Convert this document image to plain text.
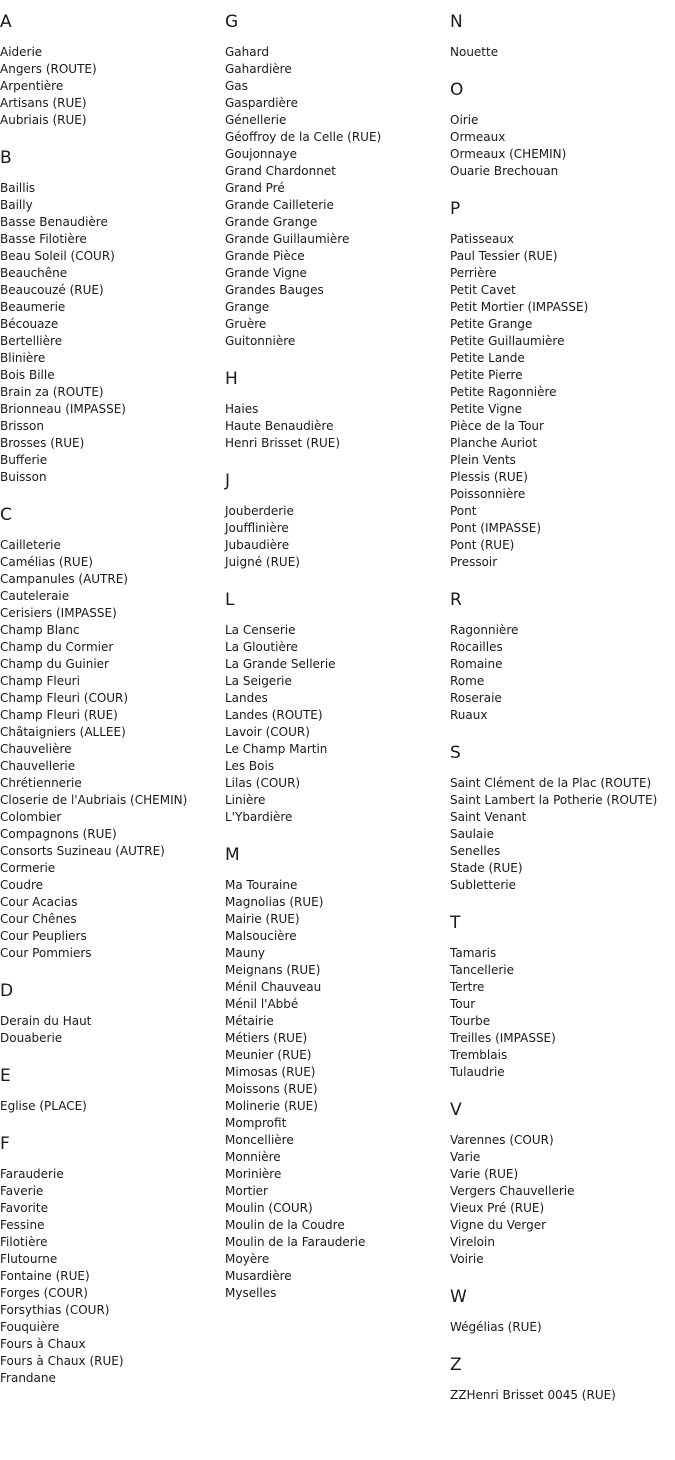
A
Aiderie
Angers (ROUTE)
Arpentière
Artisans (RUE)
Aubriais (RUE)
B
Baillis
Bailly
Basse Benaudière
Basse Filotière
Beau Soleil (COUR)
Beauchêne
Beaucouzé (RUE)
Beaumerie
Bécouaze
Bertellière
Blinière
Bois Bille
Brain za (ROUTE)
Brionneau (IMPASSE)
Brisson
Brosses (RUE)
Bufferie
Buisson
C
Cailleterie
Camélias (RUE)
Campanules (AUTRE)
Cauteleraie
Cerisiers (IMPASSE)
Champ Blanc
Champ du Cormier
Champ du Guinier
Champ Fleuri
Champ Fleuri (COUR)
Champ Fleuri (RUE)
Châtaigniers (ALLEE)
Chauvelière
Chauvellerie
Chrétiennerie
Closerie de l'Aubriais (CHEMIN)
Colombier
Compagnons (RUE)
Consorts Suzineau (AUTRE)
Cormerie
Coudre
Cour Acacias
Cour Chênes
Cour Peupliers
Cour Pommiers
D
Derain du Haut
Douaberie
E
Eglise (PLACE)
F
Farauderie
Faverie
Favorite
Fessine
Filotière
Flutourne
Fontaine (RUE)
Forges (COUR)
Forsythias (COUR)
Fouquière
Fours à Chaux
Fours à Chaux (RUE)
Frandane
G
Gahard
Gahardière
Gas
Gaspardière
Génellerie
Géoffroy de la Celle (RUE)
Goujonnaye
Grand Chardonnet
Grand Pré
Grande Cailleterie
Grande Grange
Grande Guillaumière
Grande Pièce
Grande Vigne
Grandes Bauges
Grange
Gruère
Guitonnière
H
Haies
Haute Benaudière
Henri Brisset (RUE)
J
Jouberderie
Joufflinière
Jubaudière
Juigné (RUE)
L
La Censerie
La Gloutière
La Grande Sellerie
La Seigerie
Landes
Landes (ROUTE)
Lavoir (COUR)
Le Champ Martin
Les Bois
Lilas (COUR)
Linière
L'Ybardière
M
Ma Touraine
Magnolias (RUE)
Mairie (RUE)
Malsoucière
Mauny
Meignans (RUE)
Ménil Chauveau
Ménil l'Abbé
Métairie
Métiers (RUE)
Meunier (RUE)
Mimosas (RUE)
Moissons (RUE)
Molinerie (RUE)
Momprofit
Moncellière
Monnière
Morinière
Mortier
Moulin (COUR)
Moulin de la Coudre
Moulin de la Farauderie
Moyère
Musardière
Myselles
N
Nouette
O
Oirie
Ormeaux
Ormeaux (CHEMIN)
Ouarie Brechouan
P
Patisseaux
Paul Tessier (RUE)
Perrière
Petit Cavet
Petit Mortier (IMPASSE)
Petite Grange
Petite Guillaumière
Petite Lande
Petite Pierre
Petite Ragonnière
Petite Vigne
Pièce de la Tour
Planche Auriot
Plein Vents
Plessis (RUE)
Poissonnière
Pont
Pont (IMPASSE)
Pont (RUE)
Pressoir
R
Ragonnière
Rocailles
Romaine
Rome
Roseraie
Ruaux
S
Saint Clément de la Plac (ROUTE)
Saint Lambert la Potherie (ROUTE)
Saint Venant
Saulaie
Senelles
Stade (RUE)
Subletterie
T
Tamaris
Tancellerie
Tertre
Tour
Tourbe
Treilles (IMPASSE)
Tremblais
Tulaudrie
V
Varennes (COUR)
Varie
Varie (RUE)
Vergers Chauvellerie
Vieux Pré (RUE)
Vigne du Verger
Vireloin
Voirie
W
Wégélias (RUE)
Z
ZZHenri Brisset 0045 (RUE)
